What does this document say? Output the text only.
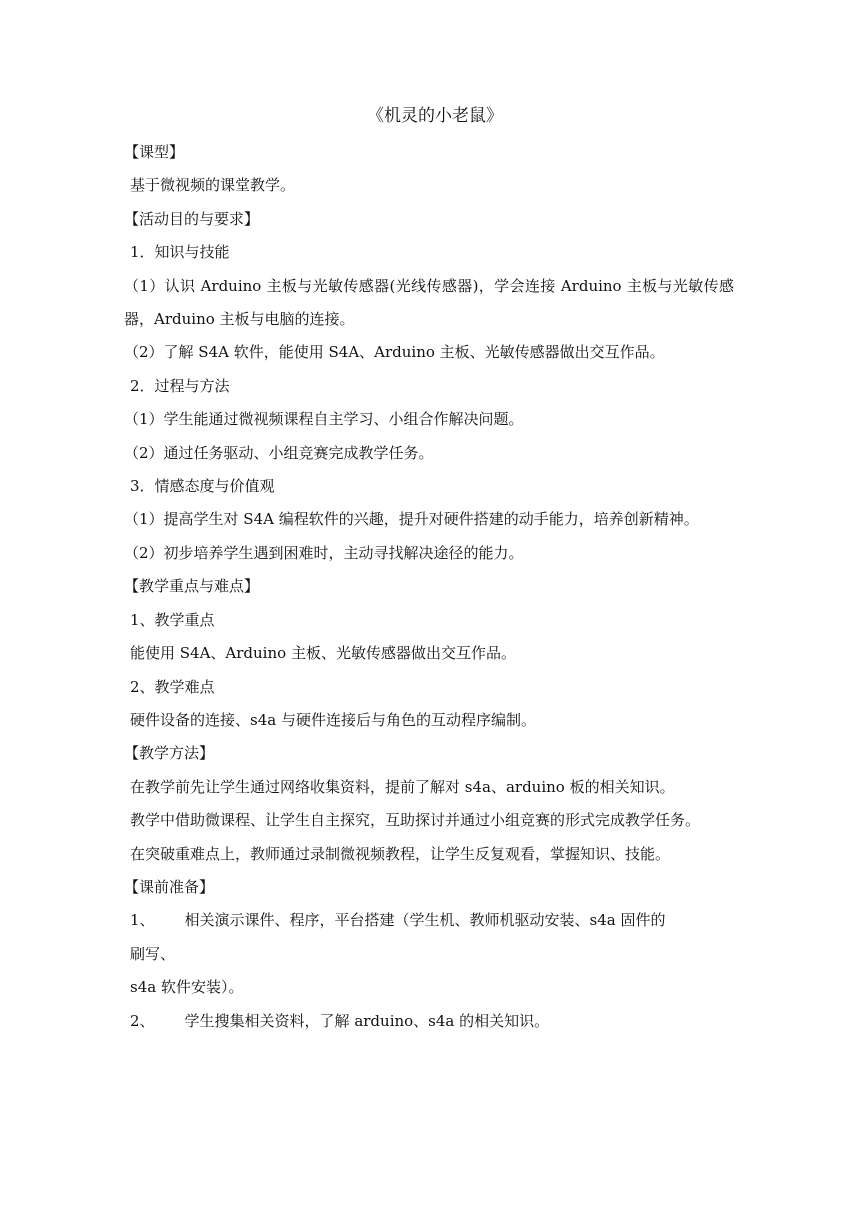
《机灵的小老鼠》

【课型】

基于微视频的课堂教学。

【活动目的与要求】

1．知识与技能

（1）认识 Arduino 主板与光敏传感器(光线传感器)，学会连接 Arduino 主板与光敏传感器，Arduino 主板与电脑的连接。

（2）了解 S4A 软件，能使用 S4A、Arduino 主板、光敏传感器做出交互作品。

2．过程与方法

（1）学生能通过微视频课程自主学习、小组合作解决问题。

（2）通过任务驱动、小组竞赛完成教学任务。

3．情感态度与价值观

（1）提高学生对 S4A 编程软件的兴趣，提升对硬件搭建的动手能力，培养创新精神。

（2）初步培养学生遇到困难时，主动寻找解决途径的能力。

【教学重点与难点】

1、教学重点

能使用 S4A、Arduino 主板、光敏传感器做出交互作品。

2、教学难点

硬件设备的连接、s4a 与硬件连接后与角色的互动程序编制。

【教学方法】

在教学前先让学生通过网络收集资料，提前了解对 s4a、arduino 板的相关知识。

教学中借助微课程、让学生自主探究，互助探讨并通过小组竞赛的形式完成教学任务。

在突破重难点上，教师通过录制微视频教程，让学生反复观看，掌握知识、技能。

【课前准备】

1、 相关演示课件、程序，平台搭建（学生机、教师机驱动安装、s4a 固件的

刷写、

s4a 软件安装）。

2、 学生搜集相关资料，了解 arduino、s4a 的相关知识。
